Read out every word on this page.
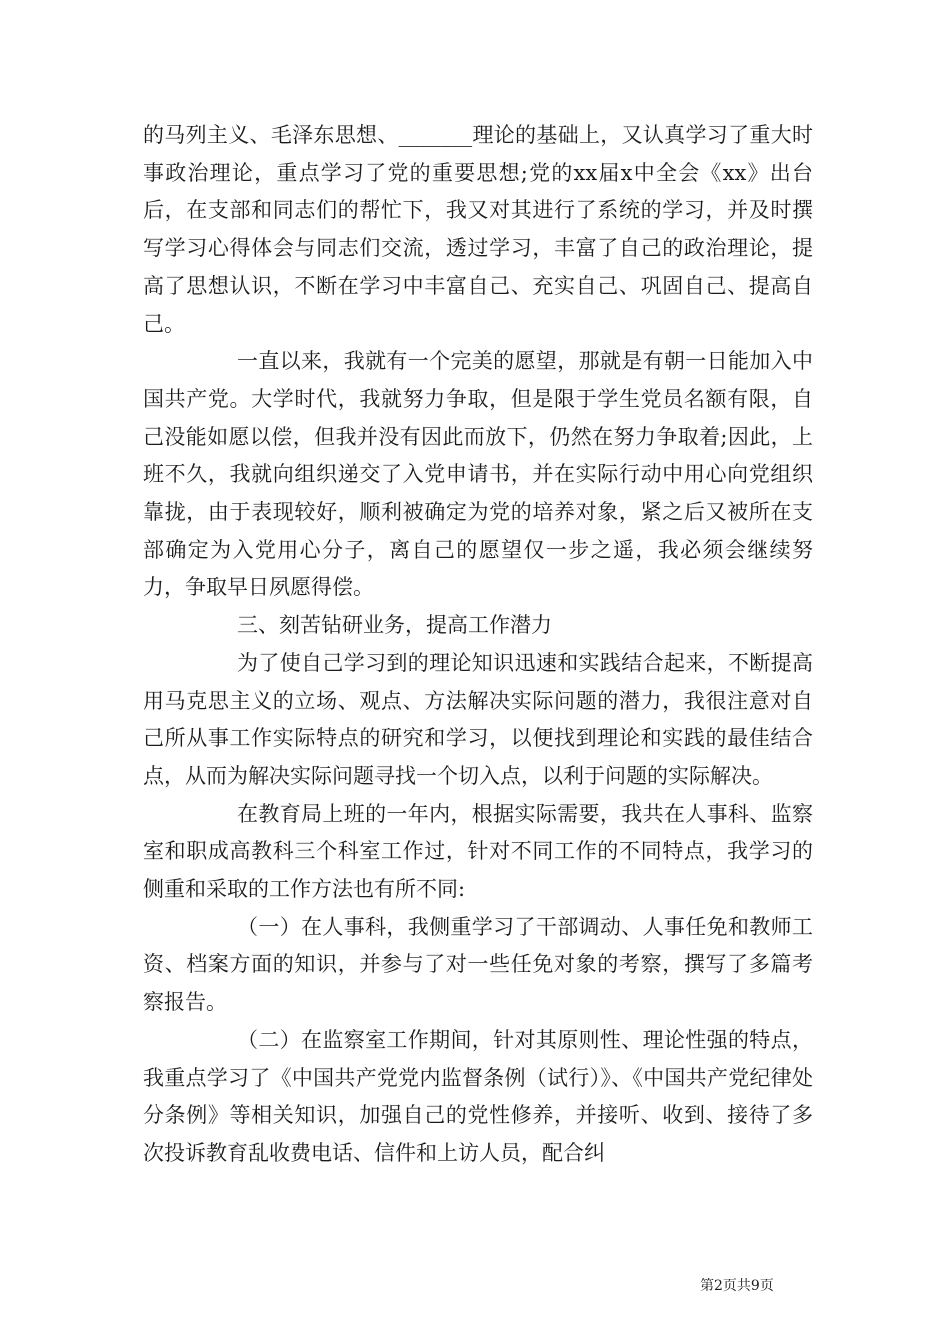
的马列主义、毛泽东思想、_______理论的基础上，又认真学习了重大时事政治理论，重点学习了党的重要思想;党的xx届x中全会《xx》出台后，在支部和同志们的帮忙下，我又对其进行了系统的学习，并及时撰写学习心得体会与同志们交流，透过学习，丰富了自己的政治理论，提高了思想认识，不断在学习中丰富自己、充实自己、巩固自己、提高自己。

一直以来，我就有一个完美的愿望，那就是有朝一日能加入中国共产党。大学时代，我就努力争取，但是限于学生党员名额有限，自己没能如愿以偿，但我并没有因此而放下，仍然在努力争取着;因此，上班不久，我就向组织递交了入党申请书，并在实际行动中用心向党组织靠拢，由于表现较好，顺利被确定为党的培养对象，紧之后又被所在支部确定为入党用心分子，离自己的愿望仅一步之遥，我必须会继续努力，争取早日夙愿得偿。

三、刻苦钻研业务，提高工作潜力

为了使自己学习到的理论知识迅速和实践结合起来，不断提高用马克思主义的立场、观点、方法解决实际问题的潜力，我很注意对自己所从事工作实际特点的研究和学习，以便找到理论和实践的最佳结合点，从而为解决实际问题寻找一个切入点，以利于问题的实际解决。

在教育局上班的一年内，根据实际需要，我共在人事科、监察室和职成高教科三个科室工作过，针对不同工作的不同特点，我学习的侧重和采取的工作方法也有所不同:

（一）在人事科，我侧重学习了干部调动、人事任免和教师工资、档案方面的知识，并参与了对一些任免对象的考察，撰写了多篇考察报告。

（二）在监察室工作期间，针对其原则性、理论性强的特点，我重点学习了《中国共产党党内监督条例（试行）》、《中国共产党纪律处分条例》等相关知识，加强自己的党性修养，并接听、收到、接待了多次投诉教育乱收费电话、信件和上访人员，配合纠

第2页共9页
